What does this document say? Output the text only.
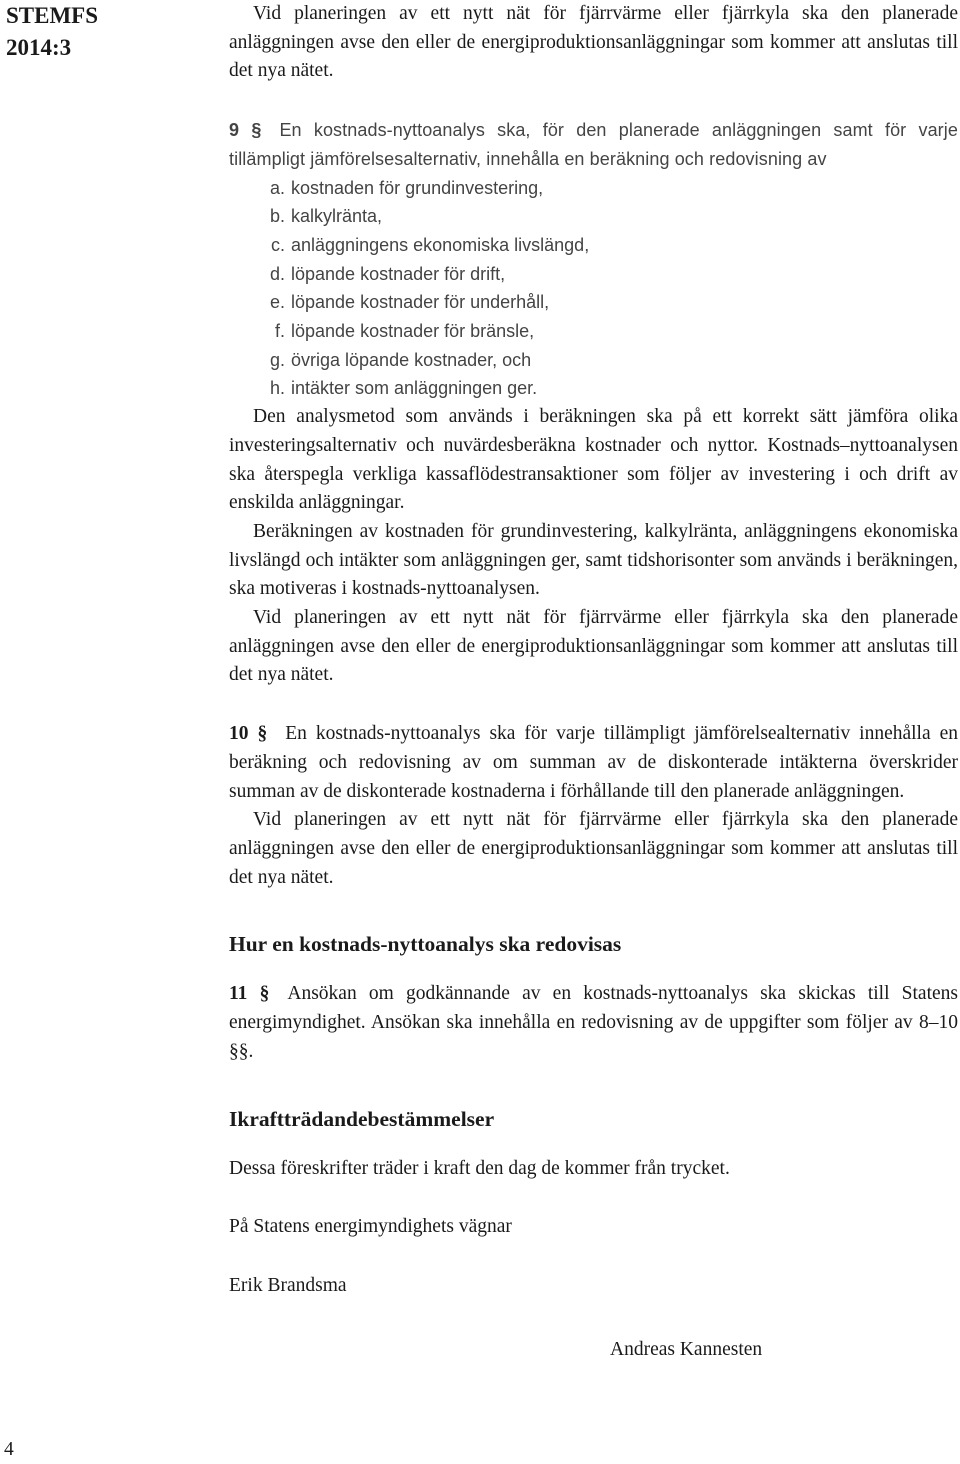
STEMFS
2014:3

Vid planeringen av ett nytt nät för fjärrvärme eller fjärrkyla ska den planerade anläggningen avse den eller de energiproduktionsanläggningar som kommer att anslutas till det nya nätet.

9 § En kostnads-nyttoanalys ska, för den planerade anläggningen samt för varje tillämpligt jämförelsesalternativ, innehålla en beräkning och redovisning av

a. kostnaden för grundinvestering,
b. kalkylränta,
c. anläggningens ekonomiska livslängd,
d. löpande kostnader för drift,
e. löpande kostnader för underhåll,
f. löpande kostnader för bränsle,
g. övriga löpande kostnader, och
h. intäkter som anläggningen ger.

Den analysmetod som används i beräkningen ska på ett korrekt sätt jämföra olika investeringsalternativ och nuvärdesberäkna kostnader och nyttor. Kostnads–nyttoanalysen ska återspegla verkliga kassaflödestransaktioner som följer av investering i och drift av enskilda anläggningar.

Beräkningen av kostnaden för grundinvestering, kalkylränta, anläggningens ekonomiska livslängd och intäkter som anläggningen ger, samt tidshorisonter som används i beräkningen, ska motiveras i kostnads-nyttoanalysen.

Vid planeringen av ett nytt nät för fjärrvärme eller fjärrkyla ska den planerade anläggningen avse den eller de energiproduktionsanläggningar som kommer att anslutas till det nya nätet.

10 § En kostnads-nyttoanalys ska för varje tillämpligt jämförelsealternativ innehålla en beräkning och redovisning av om summan av de diskonterade intäkterna överskrider summan av de diskonterade kostnaderna i förhållande till den planerade anläggningen.

Vid planeringen av ett nytt nät för fjärrvärme eller fjärrkyla ska den planerade anläggningen avse den eller de energiproduktionsanläggningar som kommer att anslutas till det nya nätet.

Hur en kostnads-nyttoanalys ska redovisas

11 § Ansökan om godkännande av en kostnads-nyttoanalys ska skickas till Statens energimyndighet. Ansökan ska innehålla en redovisning av de uppgifter som följer av 8–10 §§.

Ikraftträdandebestämmelser

Dessa föreskrifter träder i kraft den dag de kommer från trycket.

På Statens energimyndighets vägnar

Erik Brandsma

Andreas Kannesten
4
